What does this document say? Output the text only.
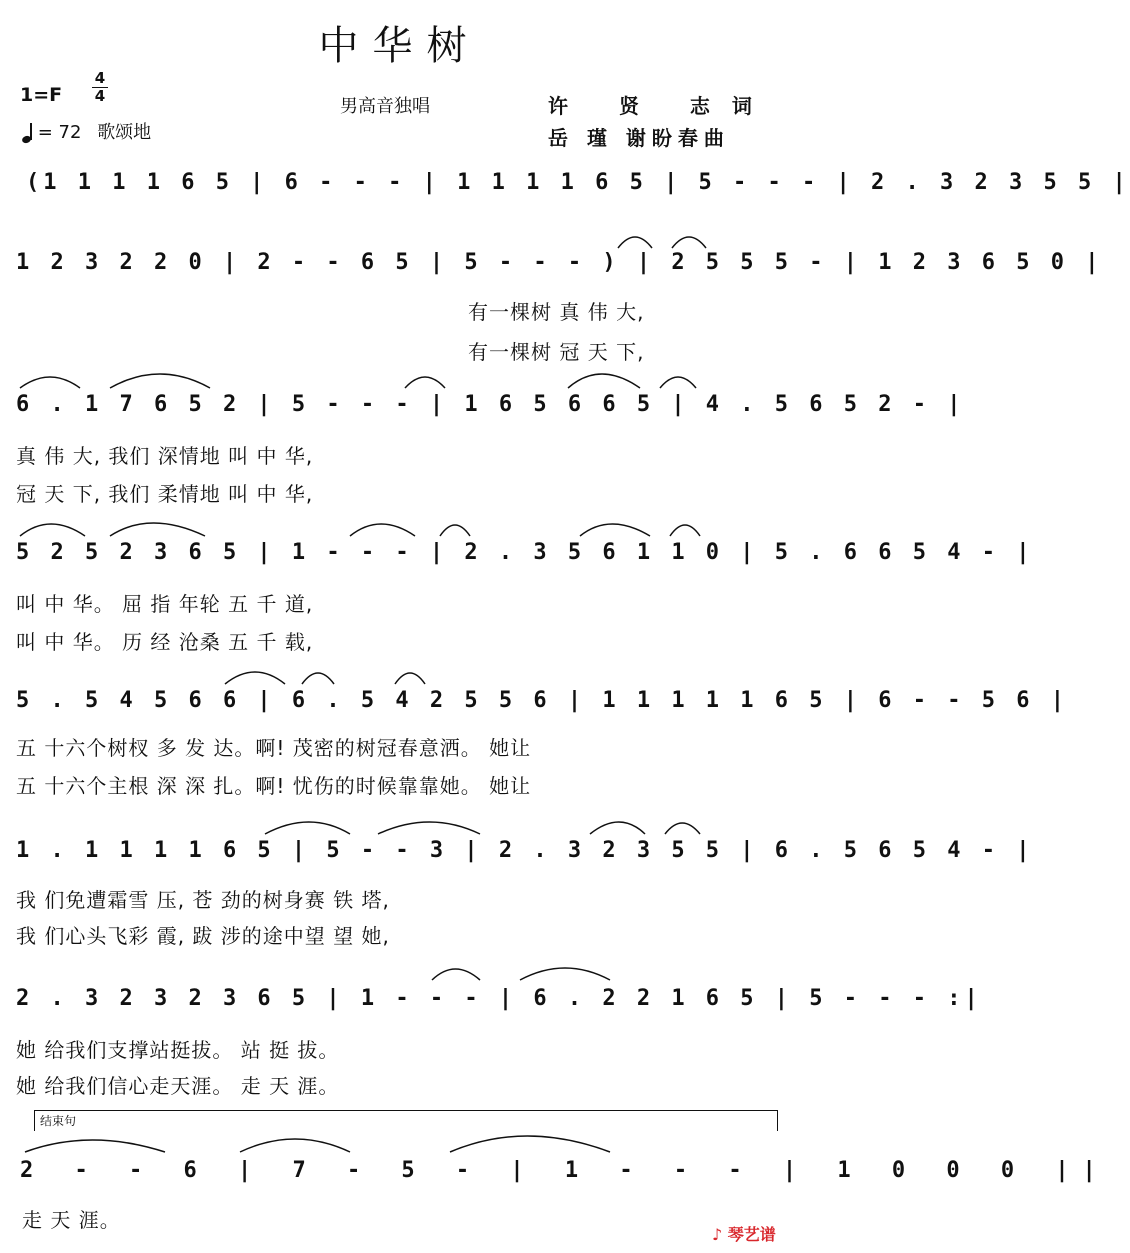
中华树
1=F
4
4
= 72 歌颂地
男高音独唱	许 贤 志词
岳 瑾 谢盼春曲
(1 1 1 1 6 5 | 6 - - - | 1 1 1 1 6 5 | 5 - - - | 2 . 3 2 3 5 5 |
1 2 3 2 2 0 | 2 - - 6 5 | 5 - - - ) | 2 5 5 5 - | 1 2 3 6 5 0 |
有一棵树 真 伟 大,
有一棵树 冠 天 下,
6 . 1 7 6 5 2 | 5 - - - | 1 6 5 6 6 5 | 4 . 5 6 5 2 - |
真 伟 大, 我们 深情地 叫 中 华,
冠 天 下, 我们 柔情地 叫 中 华,
5 2 5 2 3 6 5 | 1 - - - | 2 . 3 5 6 1 1 0 | 5 . 6 6 5 4 - |
叫 中 华。 屈 指 年轮 五 千 道,
叫 中 华。 历 经 沧桑 五 千 载,
5 . 5 4 5 6 6 | 6 . 5 4 2 5 5 6 | 1 1 1 1 1 6 5 | 6 - - 5 6 |
五 十六个树杈 多 发 达。啊! 茂密的树冠春意洒。 她让
五 十六个主根 深 深 扎。啊! 忧伤的时候靠靠她。 她让
1 . 1 1 1 1 6 5 | 5 - - 3 | 2 . 3 2 3 5 5 | 6 . 5 6 5 4 - |
我 们免遭霜雪 压, 苍 劲的树身赛 铁 塔,
我 们心头飞彩 霞, 跋 涉的途中望 望 她,
2 . 3 2 3 2 3 6 5 | 1 - - - | 6 . 2 2 1 6 5 | 5 - - - :|
她 给我们支撑站挺拔。 站 挺 拔。
她 给我们信心走天涯。 走 天 涯。
结束句
2 - - 6 | 7 - 5 - | 1 - - - | 1 0 0 0 ||
走 天 涯。
♪ 琴艺谱
